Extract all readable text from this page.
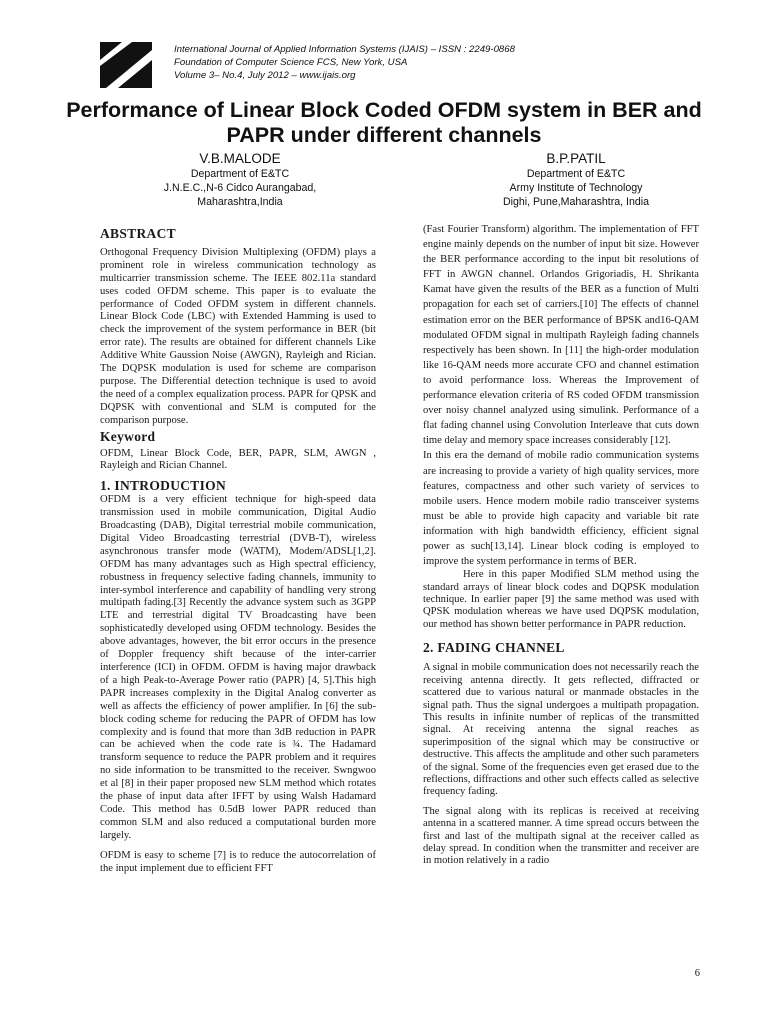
International Journal of Applied Information Systems (IJAIS) – ISSN : 2249-0868
Foundation of Computer Science FCS, New York, USA
Volume 3– No.4, July 2012 – www.ijais.org
Performance of Linear Block Coded OFDM system in BER and PAPR under different channels
V.B.MALODE
Department of E&TC
J.N.E.C.,N-6 Cidco Aurangabad,
Maharashtra,India
B.P.PATIL
Department of E&TC
Army Institute of Technology
Dighi, Pune,Maharashtra, India
ABSTRACT

Orthogonal Frequency Division Multiplexing (OFDM) plays a prominent role in wireless communication technology as multicarrier transmission scheme. The IEEE 802.11a standard uses coded OFDM scheme. This paper is to evaluate the performance of Coded OFDM system in different channels. Linear Block Code (LBC) with Extended Hamming is used to check the improvement of the system performance in BER (bit error rate). The results are obtained for different channels Like Additive White Gaussion Noise (AWGN), Rayleigh and Rician. The DQPSK modulation is used for scheme are comparison purpose. The Differential detection technique is used to avoid the need of a complex equalization process. PAPR for QPSK and DQPSK with conventional and SLM is computed for the comparison purpose.

Keyword

OFDM, Linear Block Code, BER, PAPR, SLM, AWGN , Rayleigh and Rician Channel.

1. INTRODUCTION

OFDM is a very efficient technique for high-speed data transmission used in mobile communication, Digital Audio Broadcasting (DAB), Digital terrestrial mobile communication, Digital Video Broadcasting terrestrial (DVB-T), wireless asynchronous transfer mode (WATM), Modem/ADSL[1,2]. OFDM has many advantages such as High spectral efficiency, robustness in frequency selective fading channels, immunity to inter-symbol interference and capability of handling very strong multipath fading.[3] Recently the advance system such as 3GPP LTE and terrestrial digital TV Broadcasting have been sophisticatedly developed using OFDM technology. Besides the above advantages, however, the bit error occurs in the presence of Doppler frequency shift because of the inter-carrier interference (ICI) in OFDM. OFDM is having major drawback of a high Peak-to-Average Power ratio (PAPR) [4, 5].This high PAPR increases complexity in the Digital Analog converter as well as affects the efficiency of power amplifier. In [6] the sub-block coding scheme for reducing the PAPR of OFDM has low complexity and is found that more than 3dB reduction in PAPR can be achieved when the code rate is ¾. The Hadamard transform sequence to reduce the PAPR problem and it requires no side information to be transmitted to the receiver. Swngwoo et al [8] in their paper proposed new SLM method which rotates the phase of input data after IFFT by using Walsh Hadamard Code. This method has 0.5dB lower PAPR reduced than common SLM and also reduced a computational burden more largely.

OFDM is easy to scheme [7] is to reduce the autocorrelation of the input implement due to efficient FFT

(Fast Fourier Transform) algorithm. The implementation of FFT engine mainly depends on the number of input bit size. However the BER performance according to the input bit resolutions of FFT in AWGN channel. Orlandos Grigoriadis, H. Shrikanta Kamat have given the results of the BER as a function of Multi propagation for each set of carriers.[10] The effects of channel estimation error on the BER performance of BPSK and16-QAM modulated OFDM signal in multipath Rayleigh fading channels respectively has been shown. In [11] the high-order modulation like 16-QAM needs more accurate CFO and channel estimation to avoid performance loss. Whereas the Improvement of performance elevation criteria of RS coded OFDM transmission over noisy channel analyzed using simulink. Performance of a flat fading channel using Convolution Interleave that cuts down time delay and memory space increases considerably [12].

In this era the demand of mobile radio communication systems are increasing to provide a variety of high quality services, more features, compactness and other such variety of services to mobile users. Hence modern mobile radio transceiver systems must be able to provide high capacity and variable bit rate information with high bandwidth efficiency, efficient signal power as such[13,14]. Linear block coding is employed to improve the system performance in terms of BER.

Here in this paper Modified SLM method using the standard arrays of linear block codes and DQPSK modulation technique. In earlier paper [9] the same method was used with QPSK modulation whereas we have used DQPSK modulation, our method has shown better performance in PAPR reduction.

2. FADING CHANNEL

A signal in mobile communication does not necessarily reach the receiving antenna directly. It gets reflected, diffracted or scattered due to various natural or manmade obstacles in the signal path. Thus the signal undergoes a multipath propagation. This results in infinite number of replicas of the transmitted signal. At receiving antenna the signal reaches as superimposition of the signal which may be constructive or destructive. This affects the amplitude and other such parameters of the signal. Some of the frequencies even get erased due to the reflections, diffractions and other such effects called as selective frequency fading.

The signal along with its replicas is received at receiving antenna in a scattered manner. A time spread occurs between the first and last of the multipath signal at the receiver called as delay spread. In condition when the transmitter and receiver are in motion relatively in a radio

6
